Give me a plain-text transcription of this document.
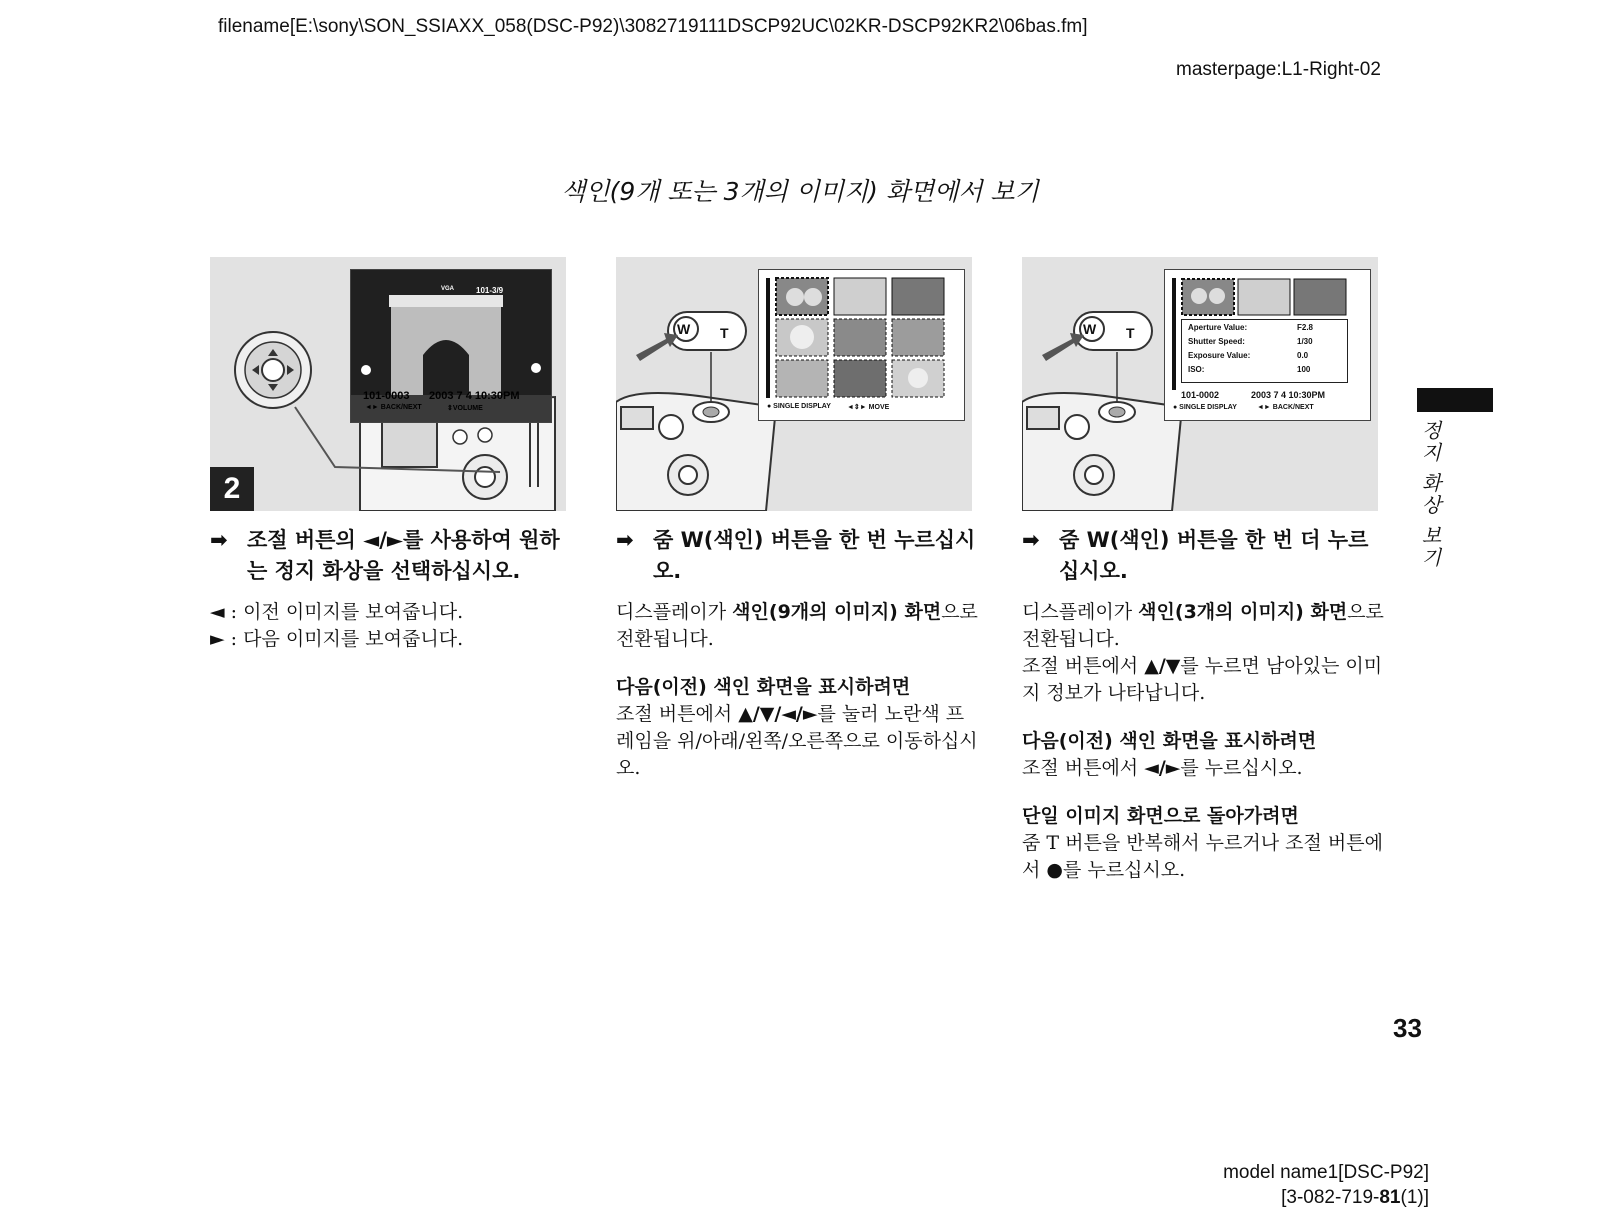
filename[E:\sony\SON_SSIAXX_058(DSC-P92)\3082719111DSCP92UC\02KR-DSCP92KR2\06bas.fm]
masterpage:L1-Right-02
색인(9개 또는 3개의 이미지) 화면에서 보기
정지 화상 보기
VGA	101-3/9
101-0003 2003 7 4 10:30PM
◄► BACK/NEXT	⇕VOLUME
2
W T
● SINGLE DISPLAY ◄⇕► MOVE
W T	Aperture Value:	F2.8
Shutter Speed:	1/30
Exposure Value:	0.0
ISO:	100
101-0002	2003 7 4 10:30PM
● SINGLE DISPLAY	◄► BACK/NEXT
➡ 조절 버튼의 ◄/►를 사용하여 원하는 정지 화상을 선택하십시오.
◄ : 이전 이미지를 보여줍니다.
► : 다음 이미지를 보여줍니다.
➡ 줌 W(색인) 버튼을 한 번 누르십시오.
디스플레이가 색인(9개의 이미지) 화면으로 전환됩니다.
다음(이전) 색인 화면을 표시하려면
조절 버튼에서 ▲/▼/◄/►를 눌러 노란색 프레임을 위/아래/왼쪽/오른쪽으로 이동하십시오.
➡ 줌 W(색인) 버튼을 한 번 더 누르십시오.
디스플레이가 색인(3개의 이미지) 화면으로 전환됩니다.
조절 버튼에서 ▲/▼를 누르면 남아있는 이미지 정보가 나타납니다.
다음(이전) 색인 화면을 표시하려면
조절 버튼에서 ◄/►를 누르십시오.
단일 이미지 화면으로 돌아가려면
줌 T 버튼을 반복해서 누르거나 조절 버튼에서 ●를 누르십시오.
33
model name1[DSC-P92]
[3-082-719-81(1)]
